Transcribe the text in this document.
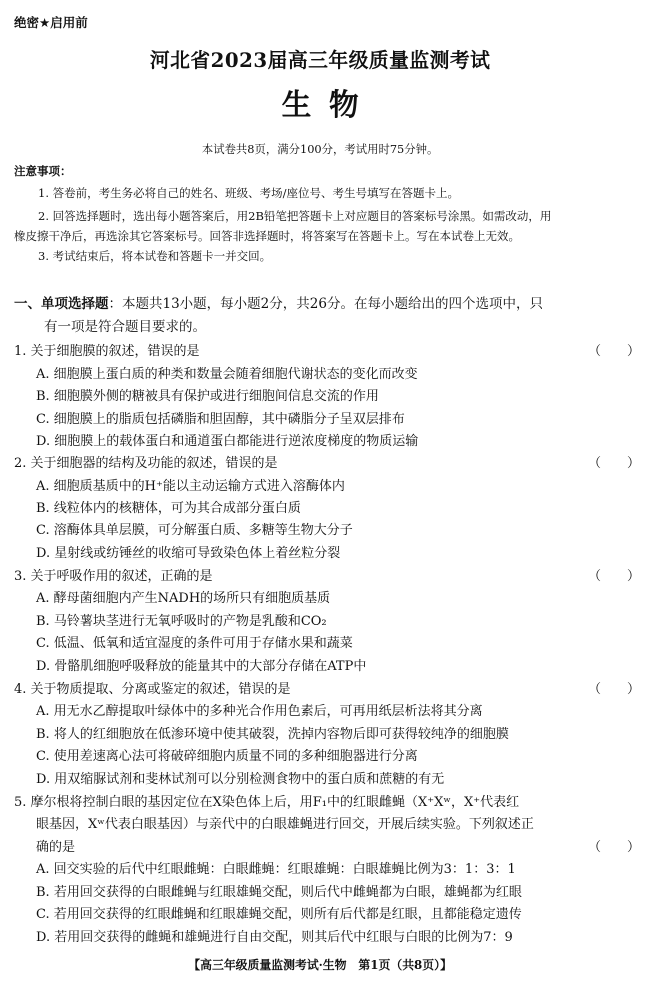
绝密★启用前
河北省2023届高三年级质量监测考试
生物
本试卷共8页，满分100分，考试用时75分钟。
注意事项：
1. 答卷前，考生务必将自己的姓名、班级、考场/座位号、考生号填写在答题卡上。
2. 回答选择题时，选出每小题答案后，用2B铅笔把答题卡上对应题目的答案标号涂黑。如需改动，用
橡皮擦干净后，再选涂其它答案标号。回答非选择题时，将答案写在答题卡上。写在本试卷上无效。
3. 考试结束后，将本试卷和答题卡一并交回。
一、单项选择题：本题共13小题，每小题2分，共26分。在每小题给出的四个选项中，只
有一项是符合题目要求的。
1. 关于细胞膜的叙述，错误的是	（　　）
A. 细胞膜上蛋白质的种类和数量会随着细胞代谢状态的变化而改变
B. 细胞膜外侧的糖被具有保护或进行细胞间信息交流的作用
C. 细胞膜上的脂质包括磷脂和胆固醇，其中磷脂分子呈双层排布
D. 细胞膜上的载体蛋白和通道蛋白都能进行逆浓度梯度的物质运输
2. 关于细胞器的结构及功能的叙述，错误的是	（　　）
A. 细胞质基质中的H⁺能以主动运输方式进入溶酶体内
B. 线粒体内的核糖体，可为其合成部分蛋白质
C. 溶酶体具单层膜，可分解蛋白质、多糖等生物大分子
D. 星射线或纺锤丝的收缩可导致染色体上着丝粒分裂
3. 关于呼吸作用的叙述，正确的是	（　　）
A. 酵母菌细胞内产生NADH的场所只有细胞质基质
B. 马铃薯块茎进行无氧呼吸时的产物是乳酸和CO₂
C. 低温、低氧和适宜湿度的条件可用于存储水果和蔬菜
D. 骨骼肌细胞呼吸释放的能量其中的大部分存储在ATP中
4. 关于物质提取、分离或鉴定的叙述，错误的是	（　　）
A. 用无水乙醇提取叶绿体中的多种光合作用色素后，可再用纸层析法将其分离
B. 将人的红细胞放在低渗环境中使其破裂，洗掉内容物后即可获得较纯净的细胞膜
C. 使用差速离心法可将破碎细胞内质量不同的多种细胞器进行分离
D. 用双缩脲试剂和斐林试剂可以分别检测食物中的蛋白质和蔗糖的有无
5. 摩尔根将控制白眼的基因定位在X染色体上后，用F₁中的红眼雌蝇（X⁺Xʷ，X⁺代表红
眼基因，Xʷ代表白眼基因）与亲代中的白眼雄蝇进行回交，开展后续实验。下列叙述正
确的是	（　　）
A. 回交实验的后代中红眼雌蝇：白眼雌蝇：红眼雄蝇：白眼雄蝇比例为3：1：3：1
B. 若用回交获得的白眼雌蝇与红眼雄蝇交配，则后代中雌蝇都为白眼，雄蝇都为红眼
C. 若用回交获得的红眼雌蝇和红眼雄蝇交配，则所有后代都是红眼，且都能稳定遗传
D. 若用回交获得的雌蝇和雄蝇进行自由交配，则其后代中红眼与白眼的比例为7：9
【高三年级质量监测考试·生物　第1页（共8页）】
